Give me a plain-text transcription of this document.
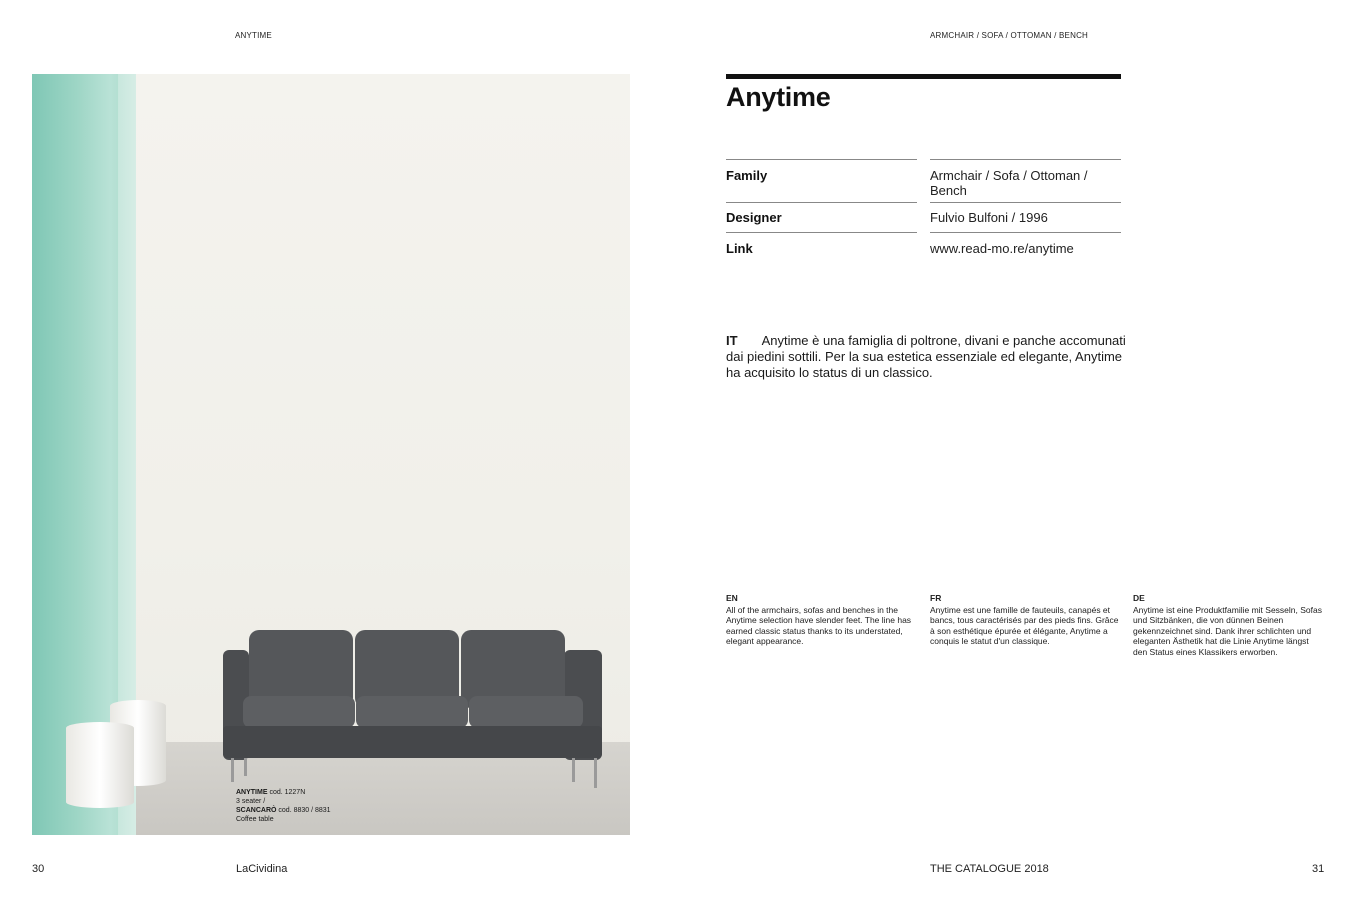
ANYTIME	ARMCHAIR / SOFA / OTTOMAN / BENCH
ANYTIME cod. 1227N
3 seater /
SCANCARÒ cod. 8830 / 8831
Coffee table
Anytime
Family	Armchair / Sofa / Ottoman / Bench
Designer	Fulvio Bulfoni / 1996
Link	www.read-mo.re/anytime
IT Anytime è una famiglia di poltrone, divani e panche accomunati dai piedini sottili. Per la sua estetica essenziale ed elegante, Anytime ha acquisito lo status di un classico.
EN
All of the armchairs, sofas and benches in the Anytime selection have slender feet. The line has earned classic status thanks to its understated, elegant appearance.
FR
Anytime est une famille de fauteuils, canapés et bancs, tous caractérisés par des pieds fins. Grâce à son esthétique épurée et élégante, Anytime a conquis le statut d'un classique.
DE
Anytime ist eine Produktfamilie mit Sesseln, Sofas und Sitzbänken, die von dünnen Beinen gekennzeichnet sind. Dank ihrer schlichten und eleganten Ästhetik hat die Linie Anytime längst den Status eines Klassikers erworben.
30	LaCividina	THE CATALOGUE 2018	31
